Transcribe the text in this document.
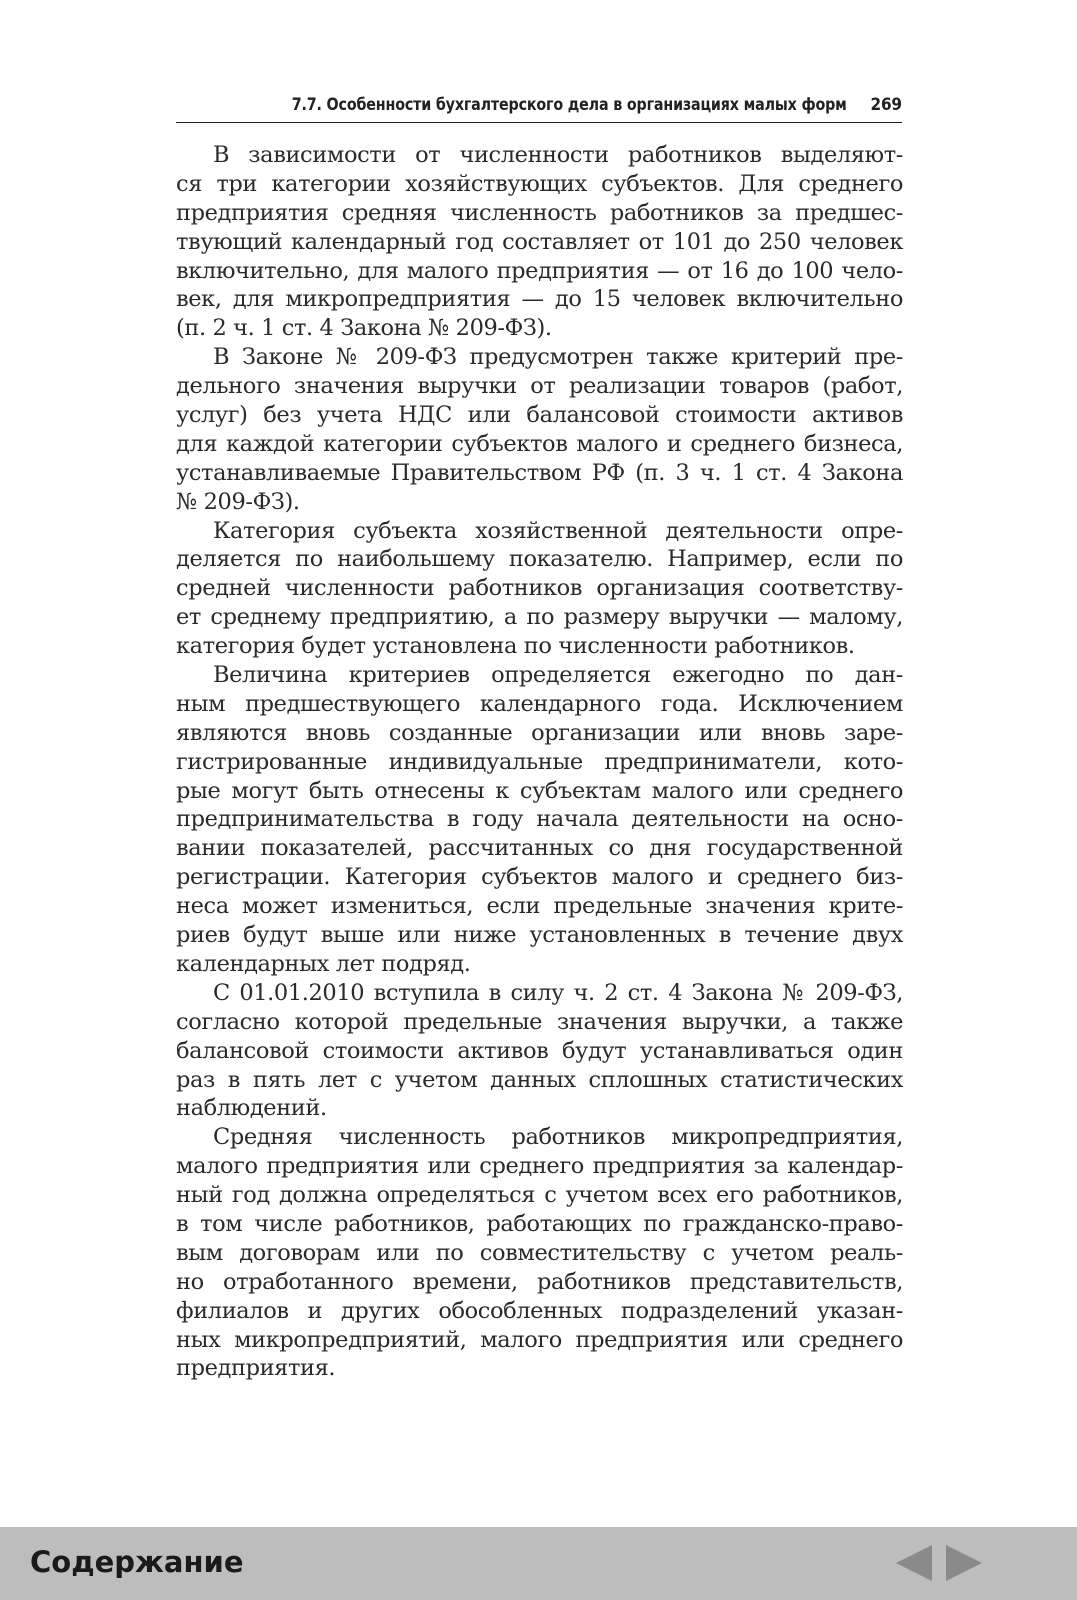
7.7. Особенности бухгалтерского дела в организациях малых форм 269
В зависимости от численности работников выделяют-
ся три категории хозяйствующих субъектов. Для среднего
предприятия средняя численность работников за предшес-
твующий календарный год составляет от 101 до 250 человек
включительно, для малого предприятия — от 16 до 100 чело-
век, для микропредприятия — до 15 человек включительно
(п. 2 ч. 1 ст. 4 Закона № 209-ФЗ).
В Законе № 209-ФЗ предусмотрен также критерий пре-
дельного значения выручки от реализации товаров (работ,
услуг) без учета НДС или балансовой стоимости активов
для каждой категории субъектов малого и среднего бизнеса,
устанавливаемые Правительством РФ (п. 3 ч. 1 ст. 4 Закона
№ 209-ФЗ).
Категория субъекта хозяйственной деятельности опре-
деляется по наибольшему показателю. Например, если по
средней численности работников организация соответству-
ет среднему предприятию, а по размеру выручки — малому,
категория будет установлена по численности работников.
Величина критериев определяется ежегодно по дан-
ным предшествующего календарного года. Исключением
являются вновь созданные организации или вновь заре-
гистрированные индивидуальные предприниматели, кото-
рые могут быть отнесены к субъектам малого или среднего
предпринимательства в году начала деятельности на осно-
вании показателей, рассчитанных со дня государственной
регистрации. Категория субъектов малого и среднего биз-
неса может измениться, если предельные значения крите-
риев будут выше или ниже установленных в течение двух
календарных лет подряд.
С 01.01.2010 вступила в силу ч. 2 ст. 4 Закона № 209-ФЗ,
согласно которой предельные значения выручки, а также
балансовой стоимости активов будут устанавливаться один
раз в пять лет с учетом данных сплошных статистических
наблюдений.
Средняя численность работников микропредприятия,
малого предприятия или среднего предприятия за календар-
ный год должна определяться с учетом всех его работников,
в том числе работников, работающих по гражданско-право-
вым договорам или по совместительству с учетом реаль-
но отработанного времени, работников представительств,
филиалов и других обособленных подразделений указан-
ных микропредприятий, малого предприятия или среднего
предприятия.
Содержание
